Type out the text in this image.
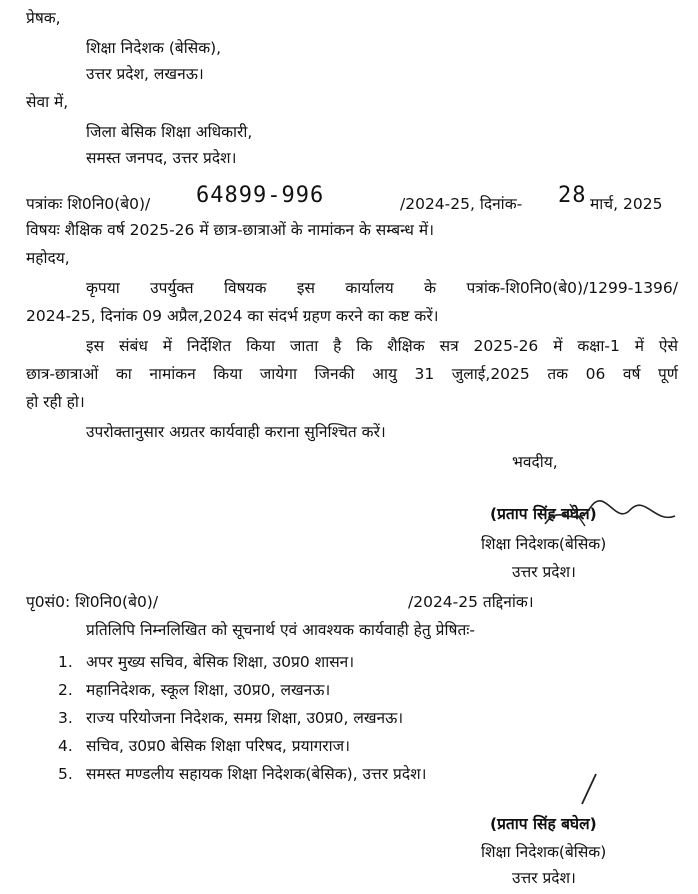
प्रेषक,
शिक्षा निदेशक (बेसिक),
उत्तर प्रदेश, लखनऊ।
सेवा में,
जिला बेसिक शिक्षा अधिकारी,
समस्त जनपद, उत्तर प्रदेश।
पत्रांकः शि0नि0(बे0)/ 64899-996	/2024-25, दिनांक- 28 मार्च, 2025
विषयः शैक्षिक वर्ष 2025-26 में छात्र-छात्राओं के नामांकन के सम्बन्ध में।
महोदय,
कृपया उपर्युक्त विषयक इस कार्यालय के पत्रांक-शि0नि0(बे0)/1299-1396/
2024-25, दिनांक 09 अप्रैल,2024 का संदर्भ ग्रहण करने का कष्ट करें।
इस संबंध में निर्देशित किया जाता है कि शैक्षिक सत्र 2025-26 में कक्षा-1 में ऐसे
छात्र-छात्राओं का नामांकन किया जायेगा जिनकी आयु 31 जुलाई,2025 तक 06 वर्ष पूर्ण
हो रही हो।
उपरोक्तानुसार अग्रतर कार्यवाही कराना सुनिश्चित करें।
भवदीय,
(प्रताप सिंह बघेल)
शिक्षा निदेशक(बेसिक)
उत्तर प्रदेश।
पृ0सं0: शि0नि0(बे0)/	/2024-25 तद्दिनांक।
प्रतिलिपि निम्नलिखित को सूचनार्थ एवं आवश्यक कार्यवाही हेतु प्रेषितः-
1. अपर मुख्य सचिव, बेसिक शिक्षा, उ0प्र0 शासन।
2. महानिदेशक, स्कूल शिक्षा, उ0प्र0, लखनऊ।
3. राज्य परियोजना निदेशक, समग्र शिक्षा, उ0प्र0, लखनऊ।
4. सचिव, उ0प्र0 बेसिक शिक्षा परिषद, प्रयागराज।
5. समस्त मण्डलीय सहायक शिक्षा निदेशक(बेसिक), उत्तर प्रदेश।
(प्रताप सिंह बघेल)
शिक्षा निदेशक(बेसिक)
उत्तर प्रदेश।
